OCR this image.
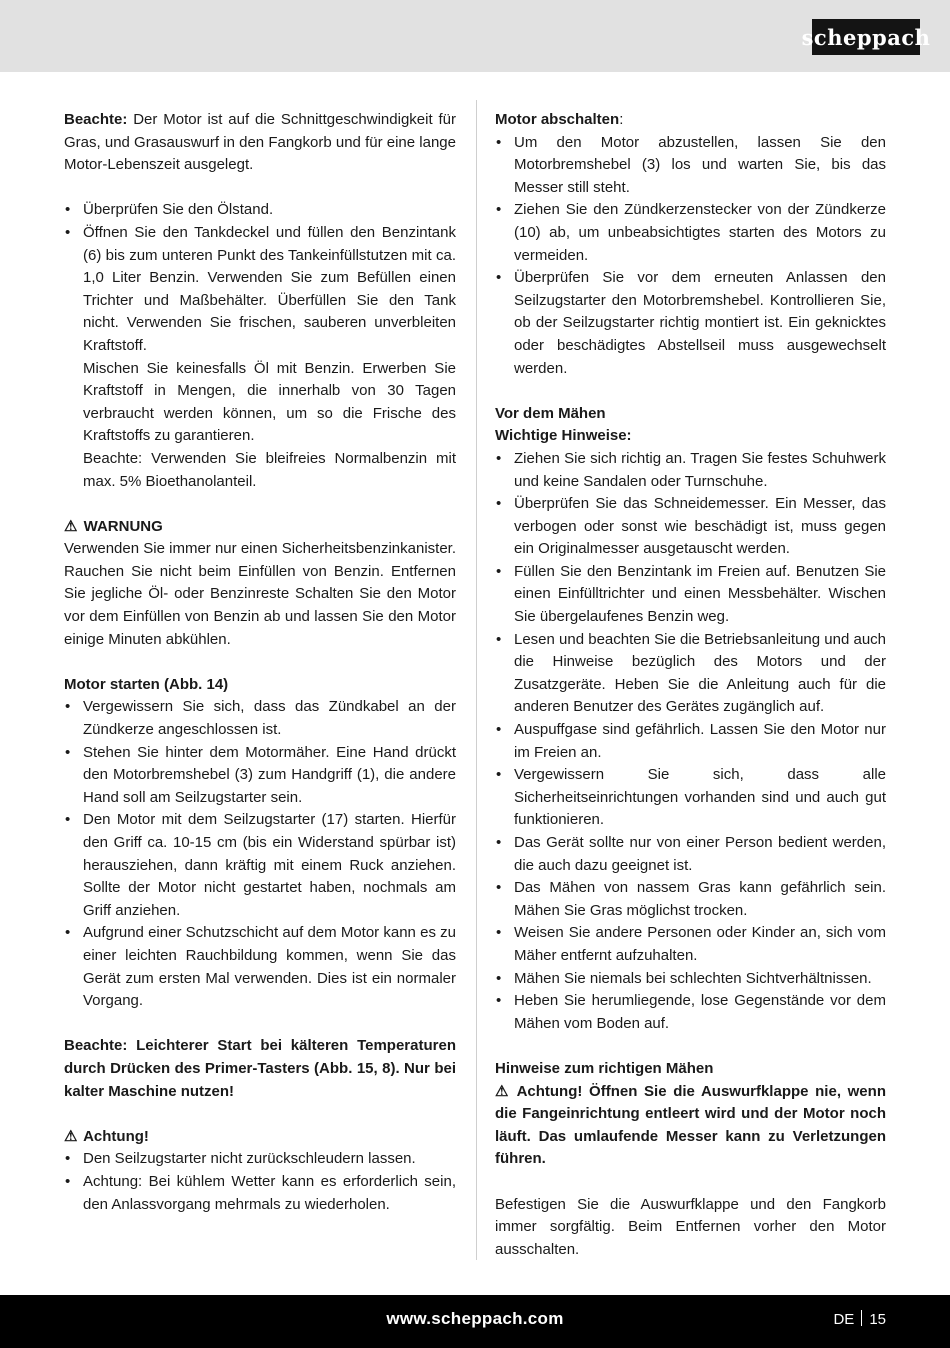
scheppach

Beachte: Der Motor ist auf die Schnittgeschwindigkeit für Gras, und Grasauswurf in den Fangkorb und für eine lange Motor-Lebenszeit ausgelegt.

• Überprüfen Sie den Ölstand.
• Öffnen Sie den Tankdeckel und füllen den Benzintank (6) bis zum unteren Punkt des Tankeinfüllstutzen mit ca. 1,0 Liter Benzin. Verwenden Sie zum Befüllen einen Trichter und Maßbehälter. Überfüllen Sie den Tank nicht. Verwenden Sie frischen, sauberen unverbleiten Kraftstoff.

Mischen Sie keinesfalls Öl mit Benzin. Erwerben Sie Kraftstoff in Mengen, die innerhalb von 30 Tagen verbraucht werden können, um so die Frische des Kraftstoffs zu garantieren.

Beachte: Verwenden Sie bleifreies Normalbenzin mit max. 5% Bioethanolanteil.

⚠ WARNUNG

Verwenden Sie immer nur einen Sicherheitsbenzinkanister. Rauchen Sie nicht beim Einfüllen von Benzin. Entfernen Sie jegliche Öl- oder Benzinreste Schalten Sie den Motor vor dem Einfüllen von Benzin ab und lassen Sie den Motor einige Minuten abkühlen.

Motor starten (Abb. 14)

• Vergewissern Sie sich, dass das Zündkabel an der Zündkerze angeschlossen ist.
• Stehen Sie hinter dem Motormäher. Eine Hand drückt den Motorbremshebel (3) zum Handgriff (1), die andere Hand soll am Seilzugstarter sein.
• Den Motor mit dem Seilzugstarter (17) starten. Hierfür den Griff ca. 10-15 cm (bis ein Widerstand spürbar ist) herausziehen, dann kräftig mit einem Ruck anziehen. Sollte der Motor nicht gestartet haben, nochmals am Griff anziehen.
• Aufgrund einer Schutzschicht auf dem Motor kann es zu einer leichten Rauchbildung kommen, wenn Sie das Gerät zum ersten Mal verwenden. Dies ist ein normaler Vorgang.

Beachte: Leichterer Start bei kälteren Temperaturen durch Drücken des Primer-Tasters (Abb. 15, 8). Nur bei kalter Maschine nutzen!

⚠ Achtung!

• Den Seilzugstarter nicht zurückschleudern lassen.
• Achtung: Bei kühlem Wetter kann es erforderlich sein, den Anlassvorgang mehrmals zu wiederholen.

Motor abschalten:

• Um den Motor abzustellen, lassen Sie den Motorbremshebel (3) los und warten Sie, bis das Messer still steht.
• Ziehen Sie den Zündkerzenstecker von der Zündkerze (10) ab, um unbeabsichtigtes starten des Motors zu vermeiden.
• Überprüfen Sie vor dem erneuten Anlassen den Seilzugstarter den Motorbremshebel. Kontrollieren Sie, ob der Seilzugstarter richtig montiert ist. Ein geknicktes oder beschädigtes Abstellseil muss ausgewechselt werden.

Vor dem Mähen

Wichtige Hinweise:

• Ziehen Sie sich richtig an. Tragen Sie festes Schuhwerk und keine Sandalen oder Turnschuhe.
• Überprüfen Sie das Schneidemesser. Ein Messer, das verbogen oder sonst wie beschädigt ist, muss gegen ein Originalmesser ausgetauscht werden.
• Füllen Sie den Benzintank im Freien auf. Benutzen Sie einen Einfülltrichter und einen Messbehälter. Wischen Sie übergelaufenes Benzin weg.
• Lesen und beachten Sie die Betriebsanleitung und auch die Hinweise bezüglich des Motors und der Zusatzgeräte. Heben Sie die Anleitung auch für die anderen Benutzer des Gerätes zugänglich auf.
• Auspuffgase sind gefährlich. Lassen Sie den Motor nur im Freien an.
• Vergewissern Sie sich, dass alle Sicherheitseinrichtungen vorhanden sind und auch gut funktionieren.
• Das Gerät sollte nur von einer Person bedient werden, die auch dazu geeignet ist.
• Das Mähen von nassem Gras kann gefährlich sein. Mähen Sie Gras möglichst trocken.
• Weisen Sie andere Personen oder Kinder an, sich vom Mäher entfernt aufzuhalten.
• Mähen Sie niemals bei schlechten Sichtverhältnissen.
• Heben Sie herumliegende, lose Gegenstände vor dem Mähen vom Boden auf.

Hinweise zum richtigen Mähen

⚠ Achtung! Öffnen Sie die Auswurfklappe nie, wenn die Fangeinrichtung entleert wird und der Motor noch läuft. Das umlaufende Messer kann zu Verletzungen führen.

Befestigen Sie die Auswurfklappe und den Fangkorb immer sorgfältig. Beim Entfernen vorher den Motor ausschalten.

www.scheppach.com	DE 15
